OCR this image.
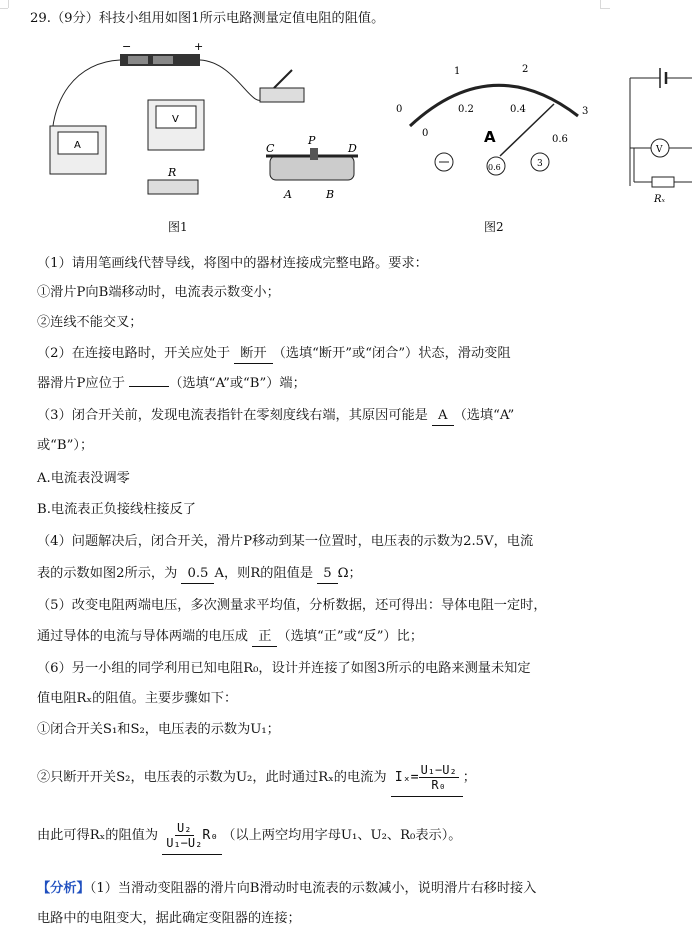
29.（9分）科技小组用如图1所示电路测量定值电阻的阻值。
−	+
A
V
R
C
P
D
A	B
图1
0
1	2
3
0
0.2	0.4
0.6
A
0.6	3
图2
V
Rₓ
（1）请用笔画线代替导线，将图中的器材连接成完整电路。要求：
①滑片P向B端移动时，电流表示数变小；
②连线不能交叉；
（2）在连接电路时，开关应处于 断开 （选填“断开”或“闭合”）状态，滑动变阻
器滑片P应位于	（选填“A”或“B”）端；
（3）闭合开关前，发现电流表指针在零刻度线右端，其原因可能是 A （选填“A”
或“B”）；
A.电流表没调零
B.电流表正负接线柱接反了
（4）问题解决后，闭合开关，滑片P移动到某一位置时，电压表的示数为2.5V，电流
表的示数如图2所示，为 0.5 A，则R的阻值是 5 Ω；
（5）改变电阻两端电压，多次测量求平均值，分析数据，还可得出：导体电阻一定时，
通过导体的电流与导体两端的电压成 正 （选填“正”或“反”）比；
（6）另一小组的同学利用已知电阻R₀，设计并连接了如图3所示的电路来测量未知定
值电阻Rₓ的阻值。主要步骤如下：
①闭合开关S₁和S₂，电压表的示数为U₁；
②只断开开关S₂，电压表的示数为U₂，此时通过Rₓ的电流为 $I_x= \frac{\text{U₁−U₂}}{\text{R₀}}$ ；
由此可得Rₓ的阻值为 $\frac{\text{U₂}}{\text{U₁−U₂}} R_0$ （以上两空均用字母U₁、U₂、R₀表示）。
【分析】（1）当滑动变阻器的滑片向B滑动时电流表的示数减小，说明滑片右移时接入
电路中的电阻变大，据此确定变阻器的连接；
